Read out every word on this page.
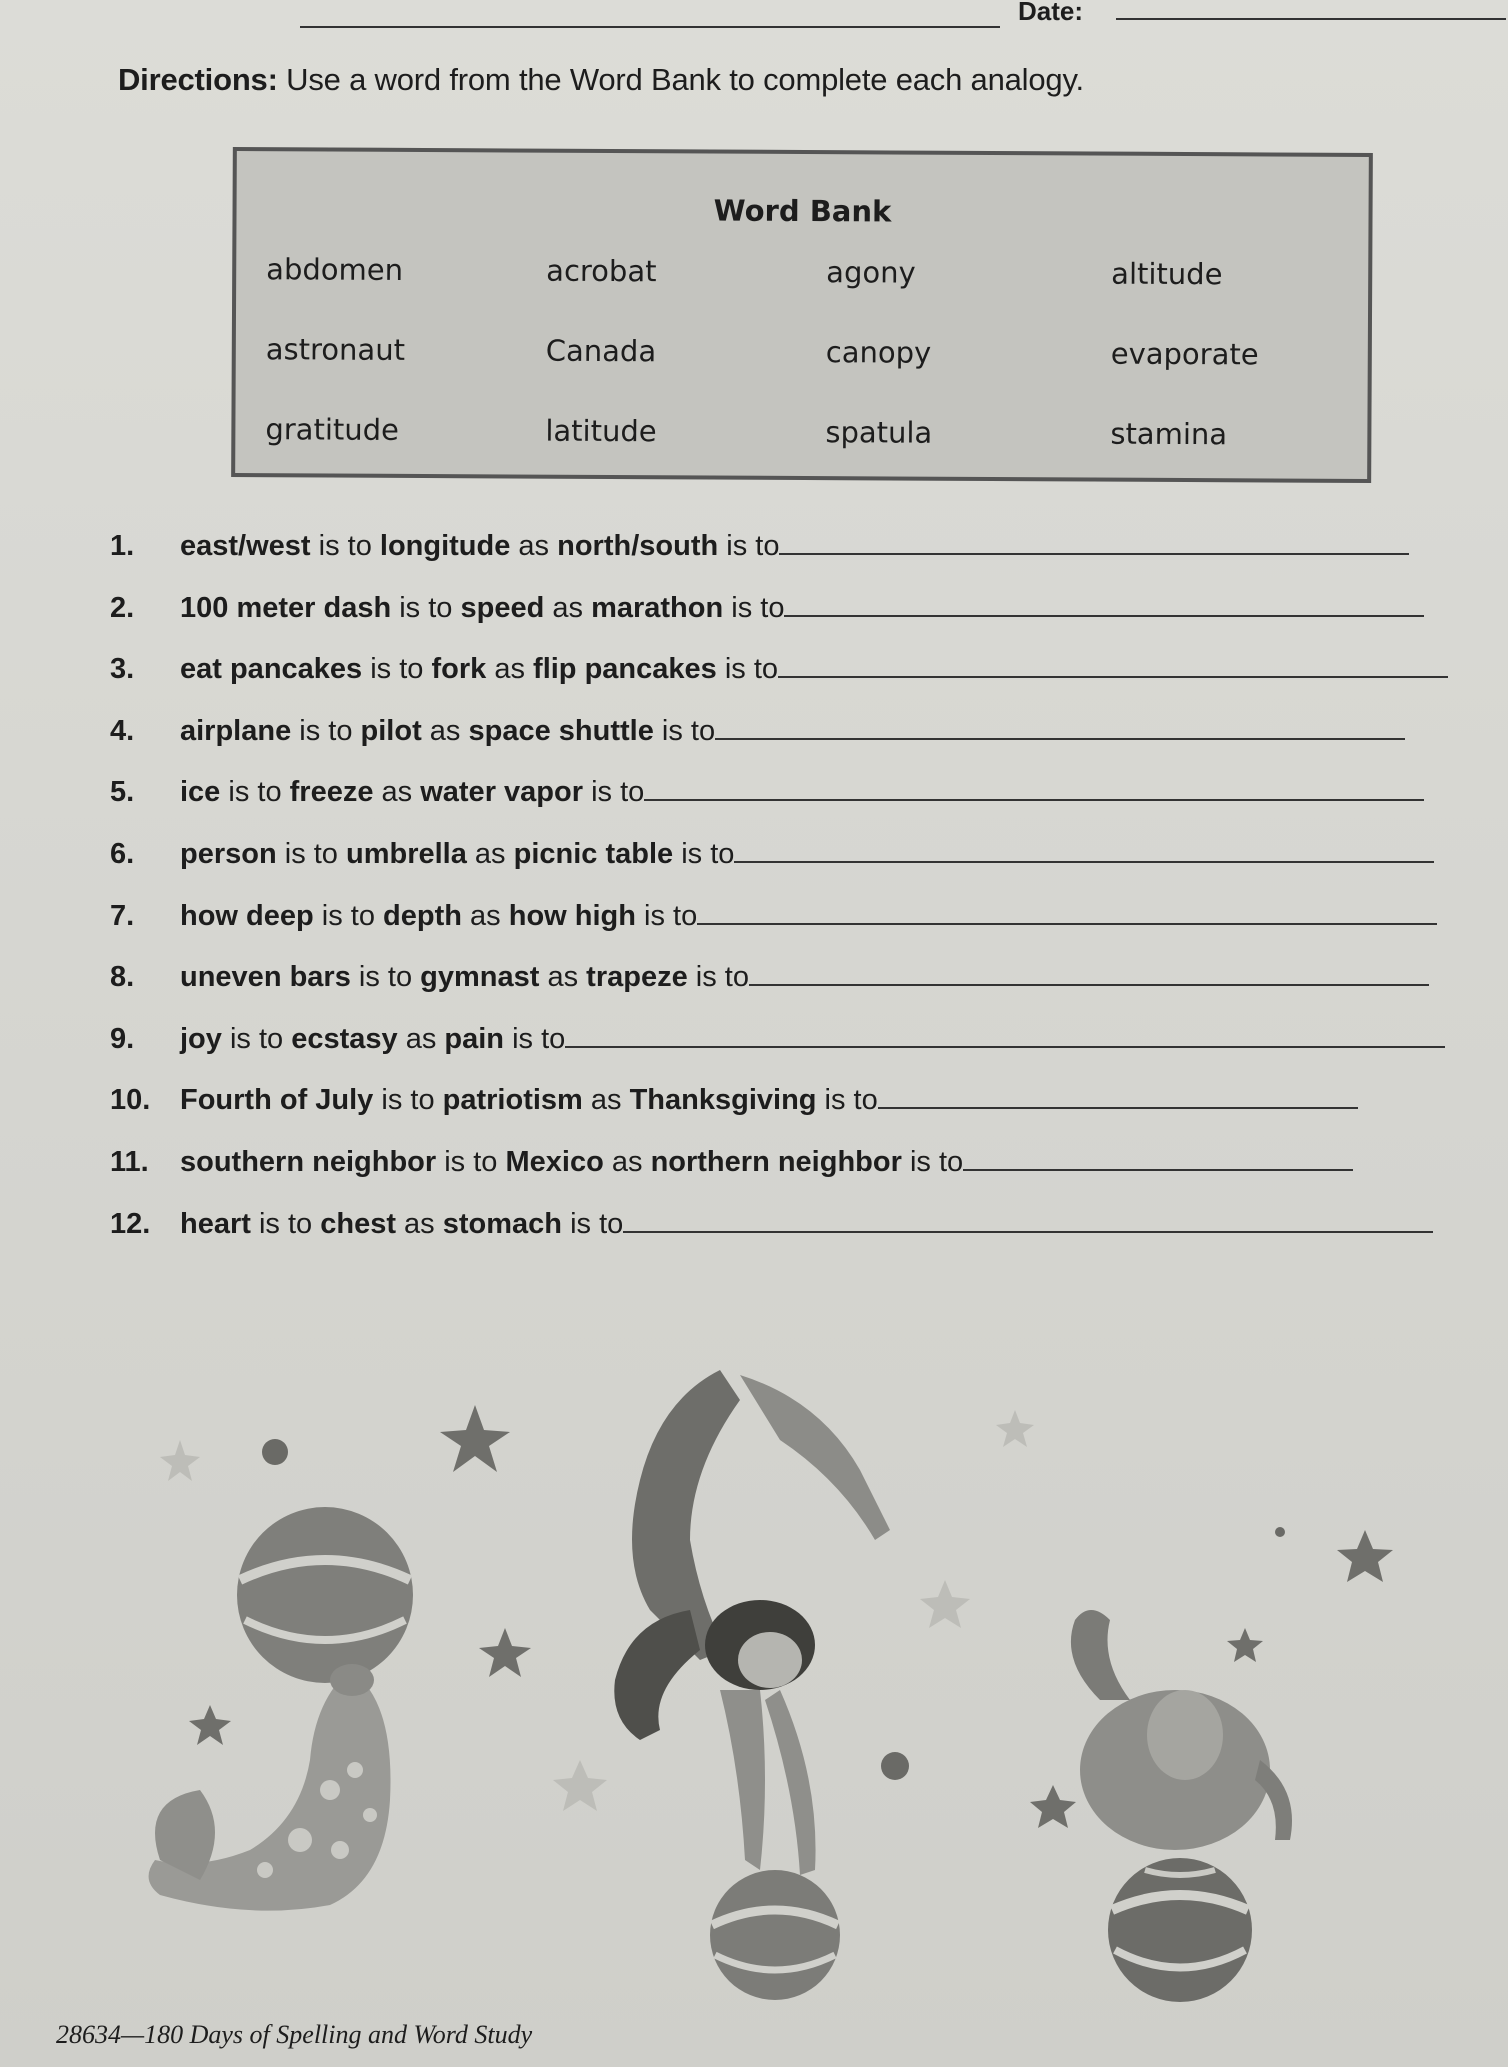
Date:
Directions: Use a word from the Word Bank to complete each analogy.
Word Bank
abdomen	acrobat	agony	altitude
astronaut	Canada	canopy	evaporate
gratitude	latitude	spatula	stamina
1. east/west is to longitude as north/south is to
2. 100 meter dash is to speed as marathon is to
3. eat pancakes is to fork as flip pancakes is to
4. airplane is to pilot as space shuttle is to
5. ice is to freeze as water vapor is to
6. person is to umbrella as picnic table is to
7. how deep is to depth as how high is to
8. uneven bars is to gymnast as trapeze is to
9. joy is to ecstasy as pain is to
10. Fourth of July is to patriotism as Thanksgiving is to
11. southern neighbor is to Mexico as northern neighbor is to
12. heart is to chest as stomach is to
28634—180 Days of Spelling and Word Study
